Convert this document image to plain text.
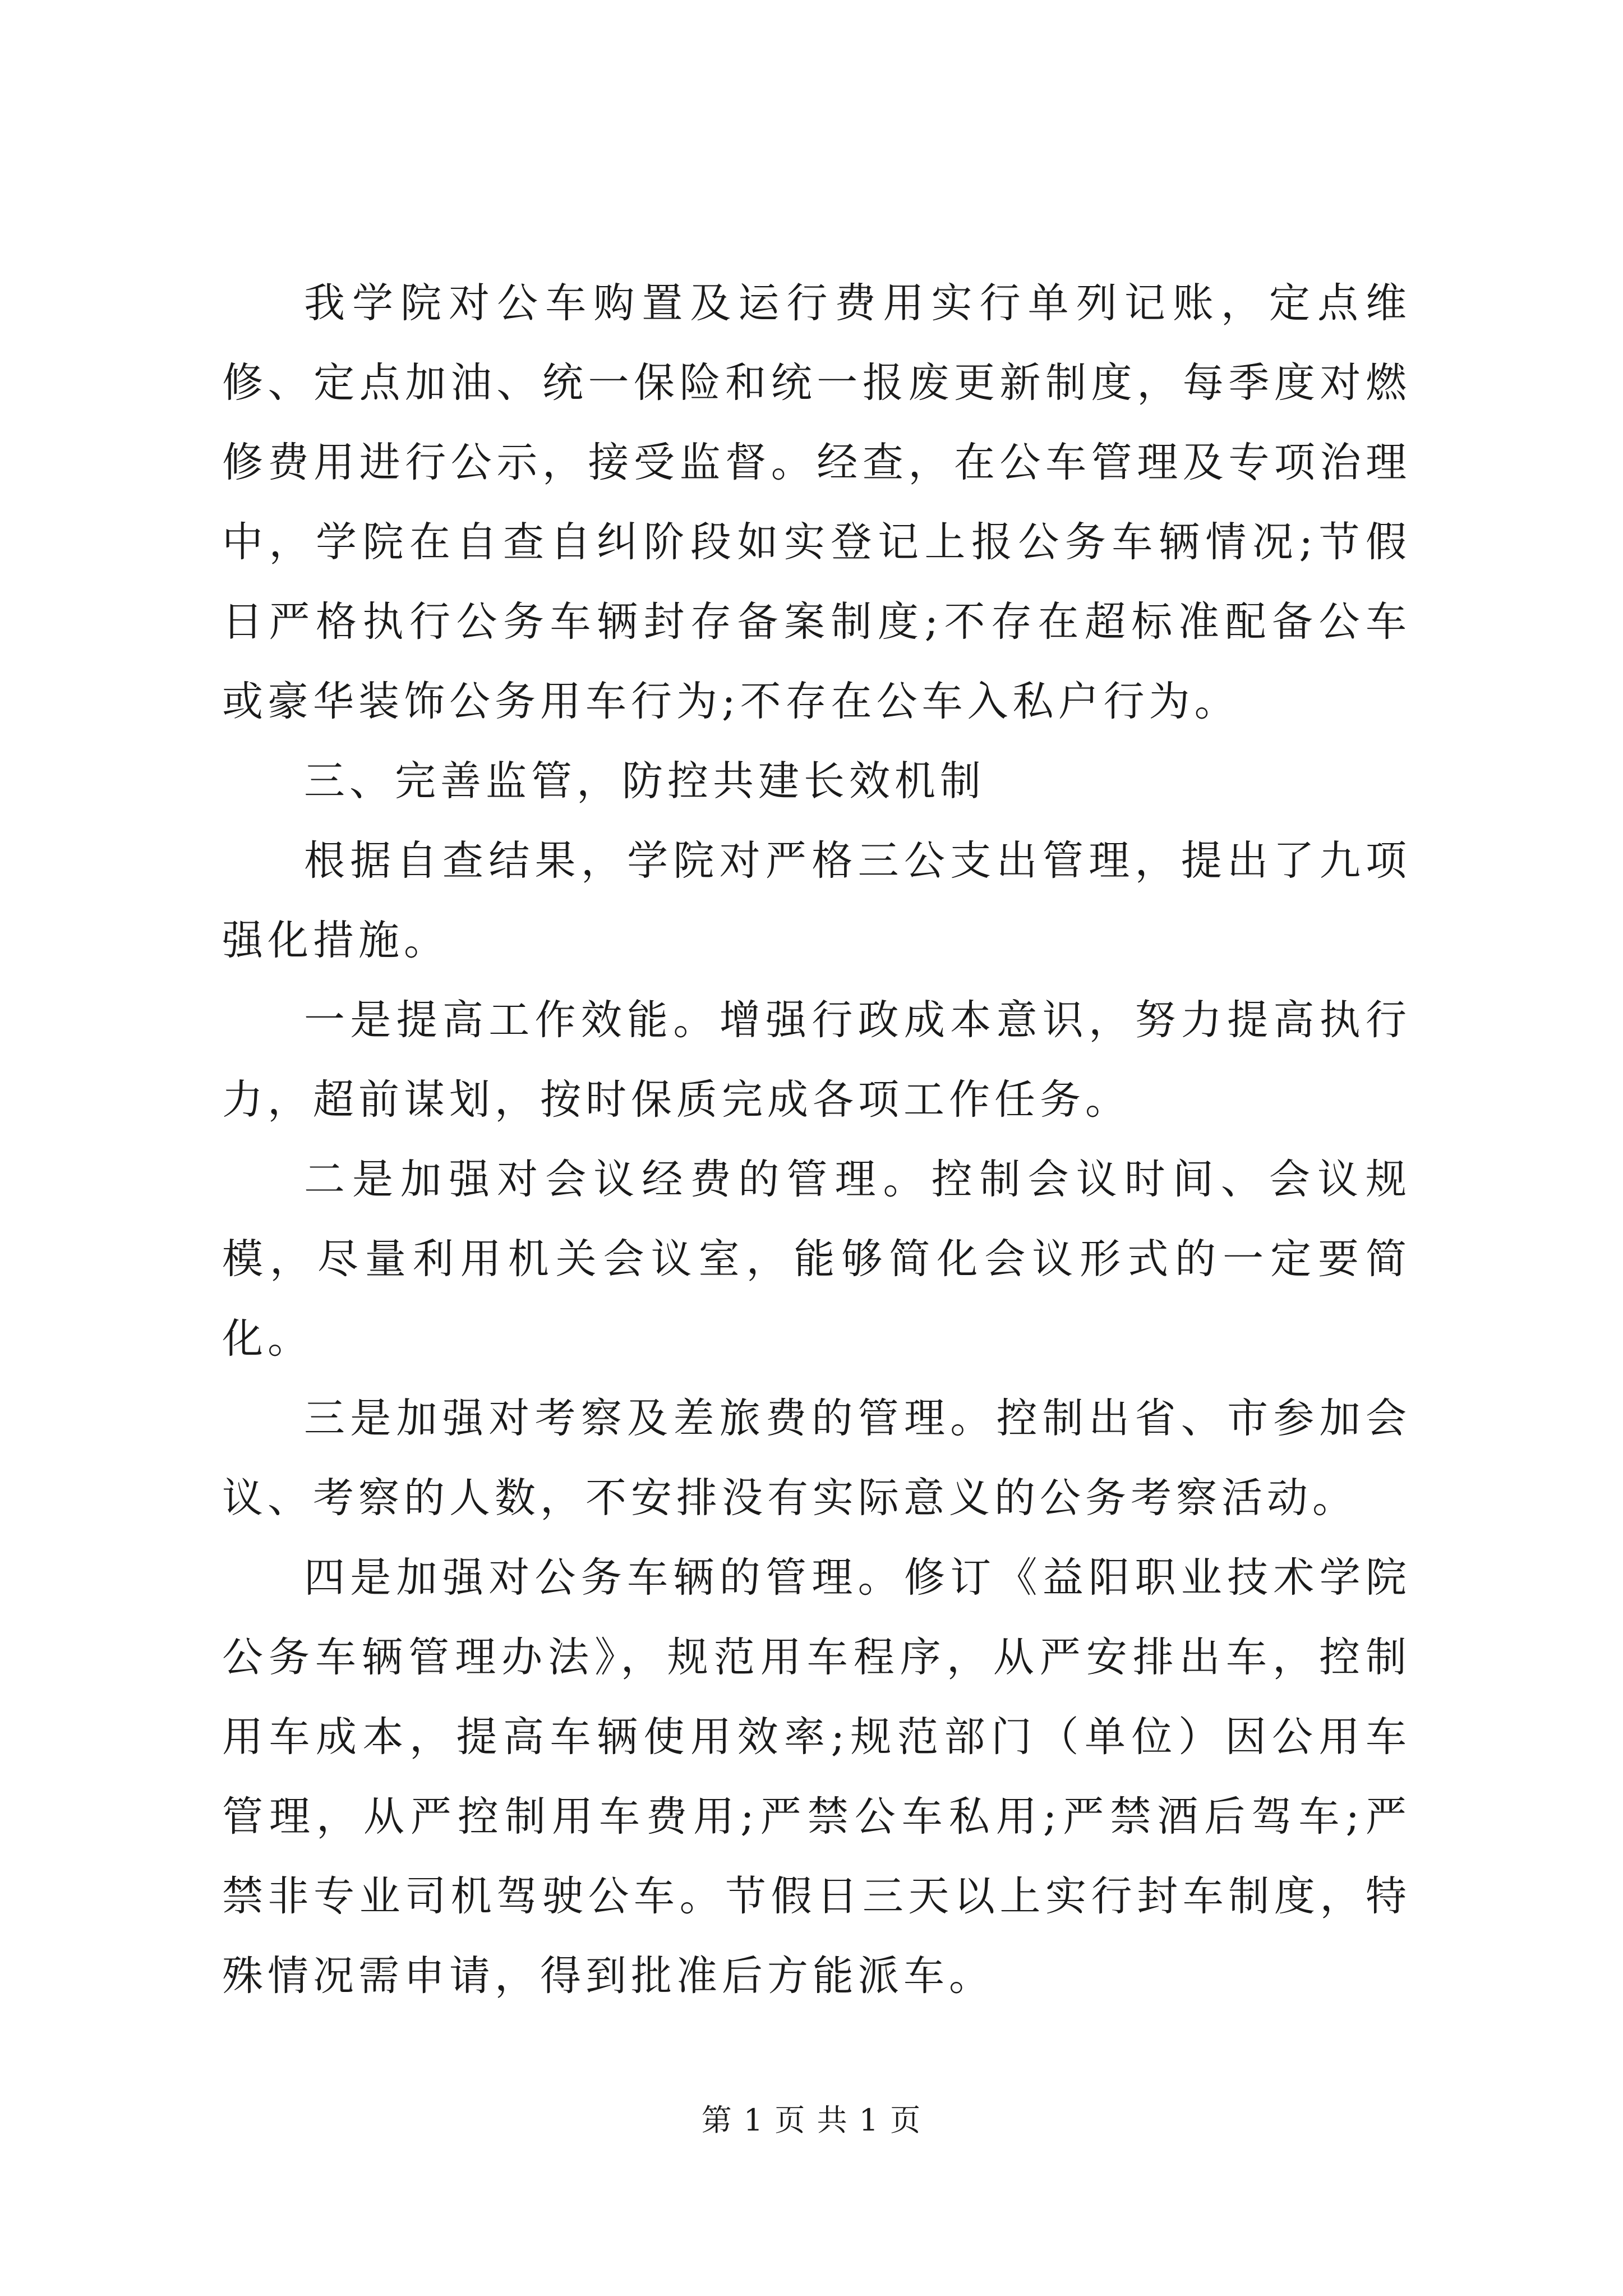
我学院对公车购置及运行费用实行单列记账，定点维修、定点加油、统一保险和统一报废更新制度，每季度对燃修费用进行公示，接受监督。经查，在公车管理及专项治理中，学院在自查自纠阶段如实登记上报公务车辆情况;节假日严格执行公务车辆封存备案制度;不存在超标准配备公车或豪华装饰公务用车行为;不存在公车入私户行为。

三、完善监管，防控共建长效机制

根据自查结果，学院对严格三公支出管理，提出了九项强化措施。

一是提高工作效能。增强行政成本意识，努力提高执行力，超前谋划，按时保质完成各项工作任务。

二是加强对会议经费的管理。控制会议时间、会议规模，尽量利用机关会议室，能够简化会议形式的一定要简化。

三是加强对考察及差旅费的管理。控制出省、市参加会议、考察的人数，不安排没有实际意义的公务考察活动。

四是加强对公务车辆的管理。修订《益阳职业技术学院公务车辆管理办法》，规范用车程序，从严安排出车，控制用车成本，提高车辆使用效率;规范部门（单位）因公用车管理，从严控制用车费用;严禁公车私用;严禁酒后驾车;严禁非专业司机驾驶公车。节假日三天以上实行封车制度，特殊情况需申请，得到批准后方能派车。

第 1 页 共 1 页
